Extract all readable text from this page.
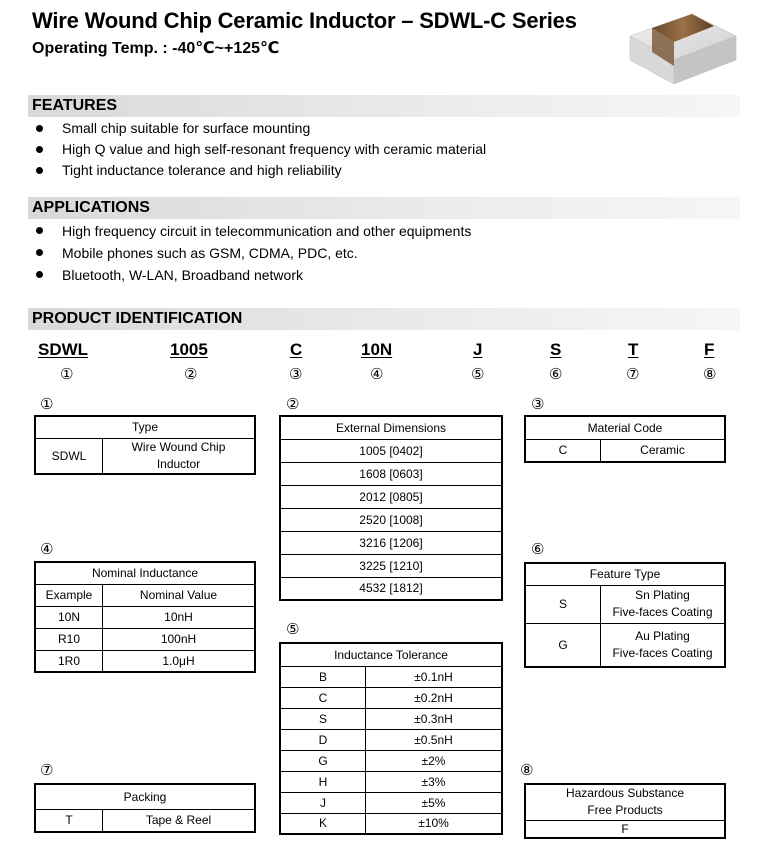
Wire Wound Chip Ceramic Inductor – SDWL-C Series
Operating Temp. : -40℃~+125℃
FEATURES
Small chip suitable for surface mounting
High Q value and high self-resonant frequency with ceramic material
Tight inductance tolerance and high reliability
APPLICATIONS
High frequency circuit in telecommunication and other equipments
Mobile phones such as GSM, CDMA, PDC, etc.
Bluetooth, W-LAN, Broadband network
PRODUCT IDENTIFICATION
SDWL	1005	C	10N	J	S	T	F
①	②	③	④	⑤	⑥	⑦	⑧
①
Type
SDWL	
Wire Wound Chip
Inductor
②
External Dimensions
1005 [0402]
1608 [0603]
2012 [0805]
2520 [1008]
3216 [1206]
3225 [1210]
4532 [1812]
③
Material Code
C	Ceramic
④
Nominal Inductance	
Example	Nominal Value
10N	10nH
R10	100nH
1R0	1.0μH
⑤
Inductance Tolerance	
B	±0.1nH
C	±0.2nH
S	±0.3nH
D	±0.5nH
G	±2%
H	±3%
J	±5%
K	±10%
⑥
Feature Type	
S	Sn Plating
Five-faces Coating

G	Au Plating
Five-faces Coating
⑦
Packing
T	Tape & Reel
⑧
Hazardous Substance
Free Products

F
